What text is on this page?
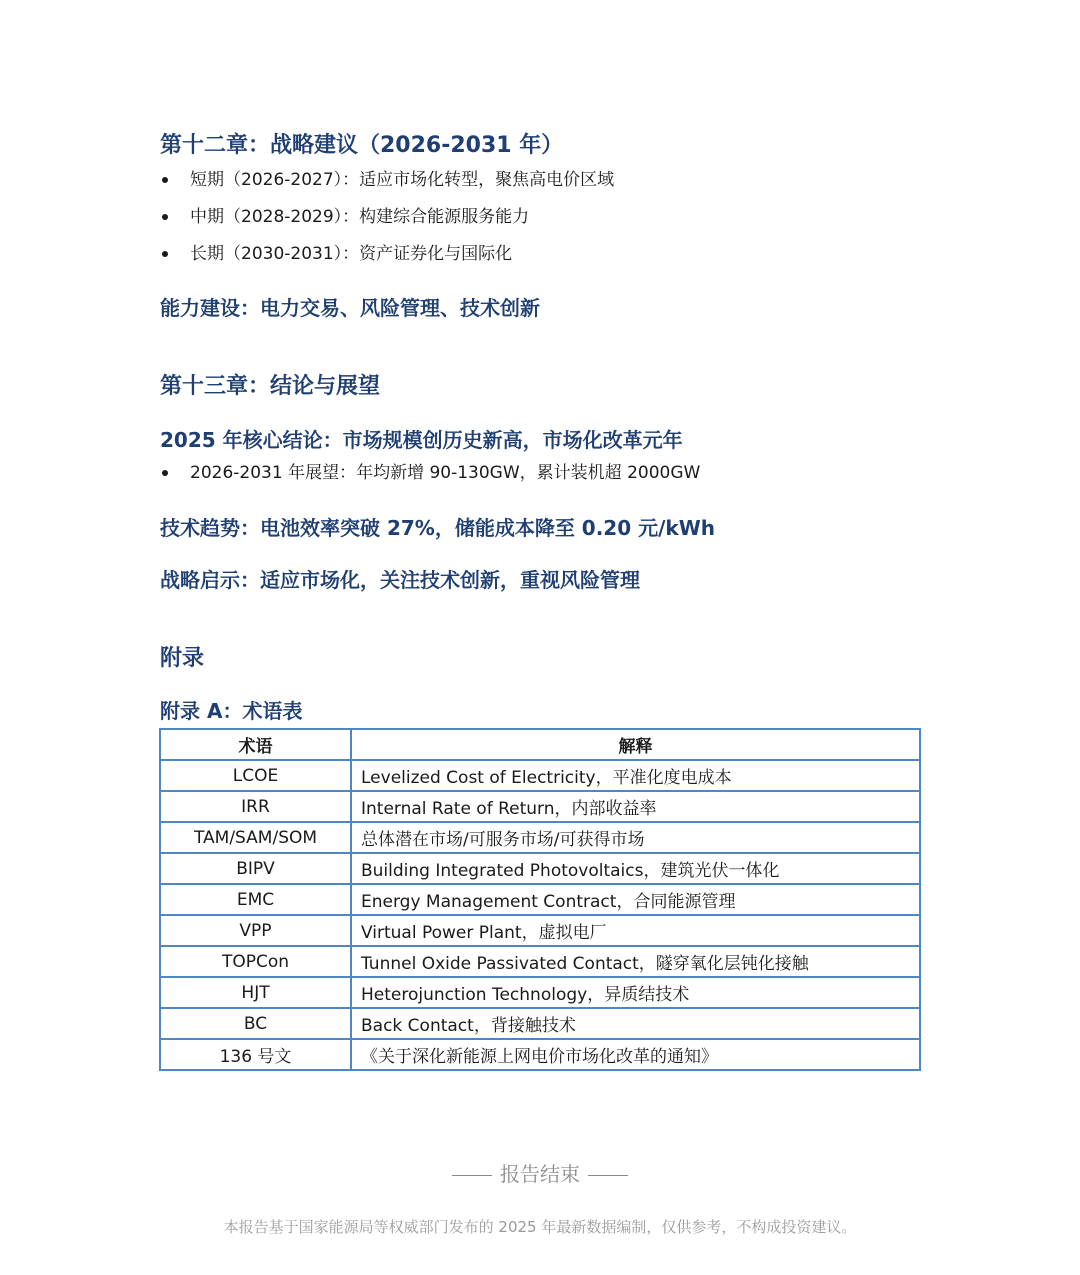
第十二章：战略建议（2026-2031 年）
短期（2026-2027）：适应市场化转型，聚焦高电价区域
中期（2028-2029）：构建综合能源服务能力
长期（2030-2031）：资产证券化与国际化
能力建设：电力交易、风险管理、技术创新
第十三章：结论与展望
2025 年核心结论：市场规模创历史新高，市场化改革元年
2026-2031 年展望：年均新增 90-130GW，累计装机超 2000GW
技术趋势：电池效率突破 27%，储能成本降至 0.20 元/kWh
战略启示：适应市场化，关注技术创新，重视风险管理
附录
附录 A：术语表
术语	解释
LCOE	Levelized Cost of Electricity，平准化度电成本
IRR	Internal Rate of Return，内部收益率
TAM/SAM/SOM	总体潜在市场/可服务市场/可获得市场
BIPV	Building Integrated Photovoltaics，建筑光伏一体化
EMC	Energy Management Contract，合同能源管理
VPP	Virtual Power Plant，虚拟电厂
TOPCon	Tunnel Oxide Passivated Contact，隧穿氧化层钝化接触
HJT	Heterojunction Technology，异质结技术
BC	Back Contact，背接触技术
136 号文	《关于深化新能源上网电价市场化改革的通知》
报告结束
本报告基于国家能源局等权威部门发布的 2025 年最新数据编制，仅供参考，不构成投资建议。
